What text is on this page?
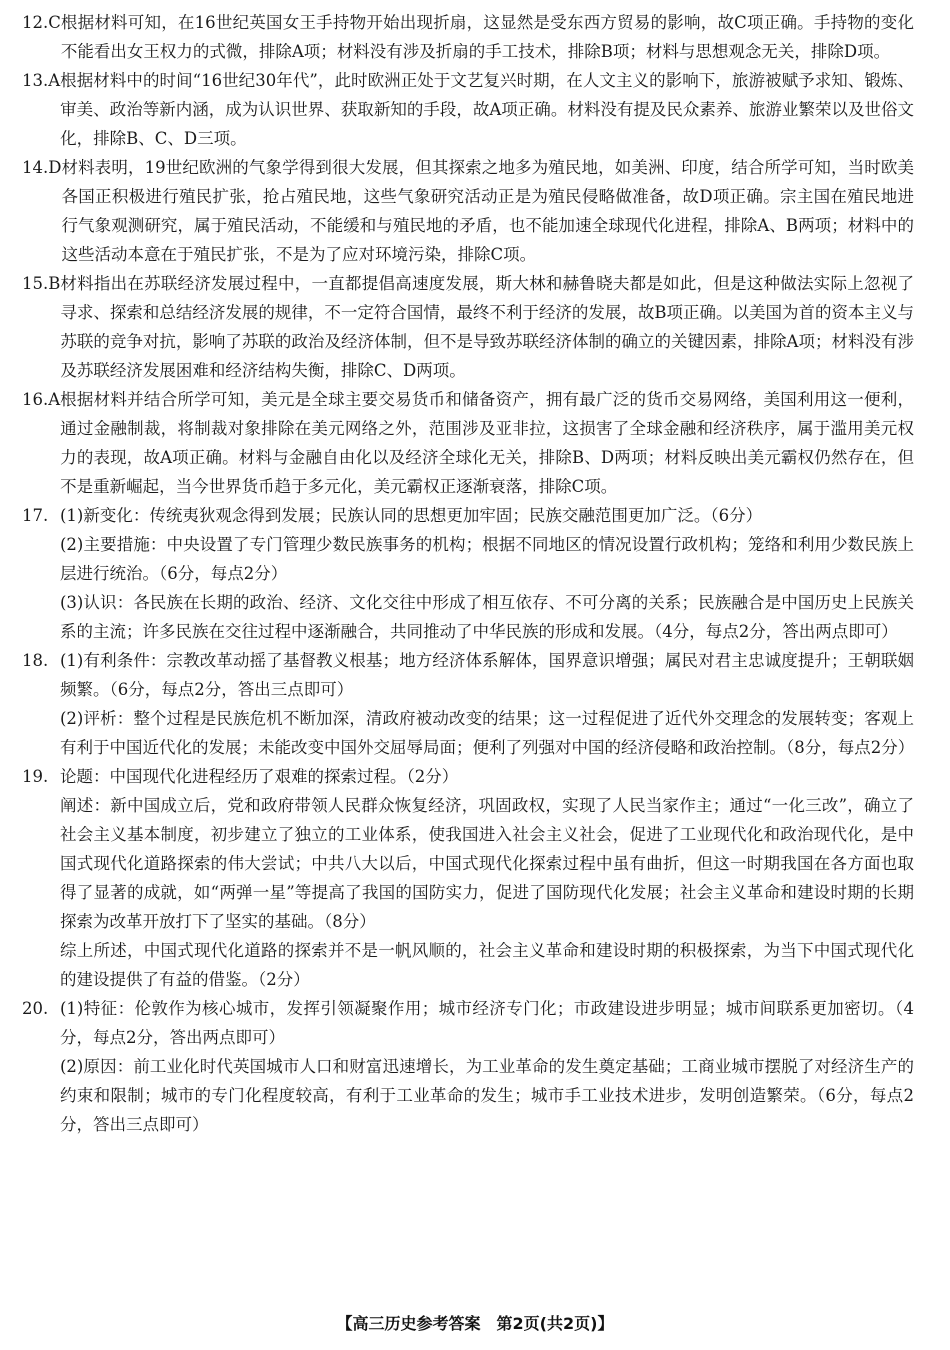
12.C 根据材料可知，在16世纪英国女王手持物开始出现折扇，这显然是受东西方贸易的影响，故C项正确。手持物的变化不能看出女王权力的式微，排除A项；材料没有涉及折扇的手工技术，排除B项；材料与思想观念无关，排除D项。
13.A 根据材料中的时间“16世纪30年代”，此时欧洲正处于文艺复兴时期，在人文主义的影响下，旅游被赋予求知、锻炼、审美、政治等新内涵，成为认识世界、获取新知的手段，故A项正确。材料没有提及民众素养、旅游业繁荣以及世俗文化，排除B、C、D三项。
14.D 材料表明，19世纪欧洲的气象学得到很大发展，但其探索之地多为殖民地，如美洲、印度，结合所学可知，当时欧美各国正积极进行殖民扩张，抢占殖民地，这些气象研究活动正是为殖民侵略做准备，故D项正确。宗主国在殖民地进行气象观测研究，属于殖民活动，不能缓和与殖民地的矛盾，也不能加速全球现代化进程，排除A、B两项；材料中的这些活动本意在于殖民扩张，不是为了应对环境污染，排除C项。
15.B 材料指出在苏联经济发展过程中，一直都提倡高速度发展，斯大林和赫鲁晓夫都是如此，但是这种做法实际上忽视了寻求、探索和总结经济发展的规律，不一定符合国情，最终不利于经济的发展，故B项正确。以美国为首的资本主义与苏联的竞争对抗，影响了苏联的政治及经济体制，但不是导致苏联经济体制的确立的关键因素，排除A项；材料没有涉及苏联经济发展困难和经济结构失衡，排除C、D两项。
16.A 根据材料并结合所学可知，美元是全球主要交易货币和储备资产，拥有最广泛的货币交易网络，美国利用这一便利，通过金融制裁，将制裁对象排除在美元网络之外，范围涉及亚非拉，这损害了全球金融和经济秩序，属于滥用美元权力的表现，故A项正确。材料与金融自由化以及经济全球化无关，排除B、D两项；材料反映出美元霸权仍然存在，但不是重新崛起，当今世界货币趋于多元化，美元霸权正逐渐衰落，排除C项。
17. (1)新变化：传统夷狄观念得到发展；民族认同的思想更加牢固；民族交融范围更加广泛。（6分）

(2)主要措施：中央设置了专门管理少数民族事务的机构；根据不同地区的情况设置行政机构；笼络和利用少数民族上层进行统治。（6分，每点2分）

(3)认识：各民族在长期的政治、经济、文化交往中形成了相互依存、不可分离的关系；民族融合是中国历史上民族关系的主流；许多民族在交往过程中逐渐融合，共同推动了中华民族的形成和发展。（4分，每点2分，答出两点即可）

18. (1)有利条件：宗教改革动摇了基督教义根基；地方经济体系解体，国界意识增强；属民对君主忠诚度提升；王朝联姻频繁。（6分，每点2分，答出三点即可）

(2)评析：整个过程是民族危机不断加深，清政府被动改变的结果；这一过程促进了近代外交理念的发展转变；客观上有利于中国近代化的发展；未能改变中国外交屈辱局面；便利了列强对中国的经济侵略和政治控制。（8分，每点2分）

19. 论题：中国现代化进程经历了艰难的探索过程。（2分）

阐述：新中国成立后，党和政府带领人民群众恢复经济，巩固政权，实现了人民当家作主；通过“一化三改”，确立了社会主义基本制度，初步建立了独立的工业体系，使我国进入社会主义社会，促进了工业现代化和政治现代化，是中国式现代化道路探索的伟大尝试；中共八大以后，中国式现代化探索过程中虽有曲折，但这一时期我国在各方面也取得了显著的成就，如“两弹一星”等提高了我国的国防实力，促进了国防现代化发展；社会主义革命和建设时期的长期探索为改革开放打下了坚实的基础。（8分）

综上所述，中国式现代化道路的探索并不是一帆风顺的，社会主义革命和建设时期的积极探索，为当下中国式现代化的建设提供了有益的借鉴。（2分）

20. (1)特征：伦敦作为核心城市，发挥引领凝聚作用；城市经济专门化；市政建设进步明显；城市间联系更加密切。（4分，每点2分，答出两点即可）

(2)原因：前工业化时代英国城市人口和财富迅速增长，为工业革命的发生奠定基础；工商业城市摆脱了对经济生产的约束和限制；城市的专门化程度较高，有利于工业革命的发生；城市手工业技术进步，发明创造繁荣。（6分，每点2分，答出三点即可）

【高三历史参考答案　第2页(共2页)】
